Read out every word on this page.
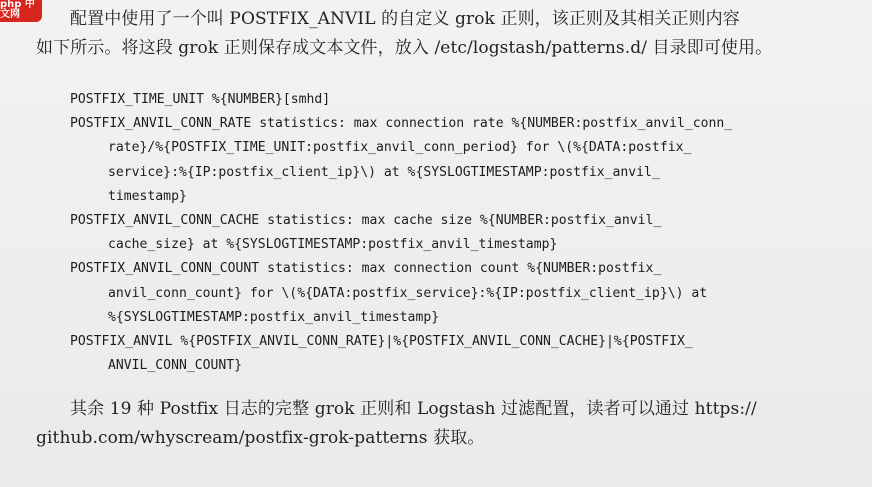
php 中文网	配置中使用了一个叫 POSTFIX_ANVIL 的自定义 grok 正则，该正则及其相关正则内容
如下所示。将这段 grok 正则保存成文本文件，放入 /etc/logstash/patterns.d/ 目录即可使用。
POSTFIX_TIME_UNIT %{NUMBER}[smhd]
POSTFIX_ANVIL_CONN_RATE statistics: max connection rate %{NUMBER:postfix_anvil_conn_
rate}/%{POSTFIX_TIME_UNIT:postfix_anvil_conn_period} for \(%{DATA:postfix_
service}:%{IP:postfix_client_ip}\) at %{SYSLOGTIMESTAMP:postfix_anvil_
timestamp}
POSTFIX_ANVIL_CONN_CACHE statistics: max cache size %{NUMBER:postfix_anvil_
cache_size} at %{SYSLOGTIMESTAMP:postfix_anvil_timestamp}
POSTFIX_ANVIL_CONN_COUNT statistics: max connection count %{NUMBER:postfix_
anvil_conn_count} for \(%{DATA:postfix_service}:%{IP:postfix_client_ip}\) at
%{SYSLOGTIMESTAMP:postfix_anvil_timestamp}
POSTFIX_ANVIL %{POSTFIX_ANVIL_CONN_RATE}|%{POSTFIX_ANVIL_CONN_CACHE}|%{POSTFIX_
ANVIL_CONN_COUNT}
其余 19 种 Postfix 日志的完整 grok 正则和 Logstash 过滤配置，读者可以通过 https://
github.com/whyscream/postfix-grok-patterns 获取。
